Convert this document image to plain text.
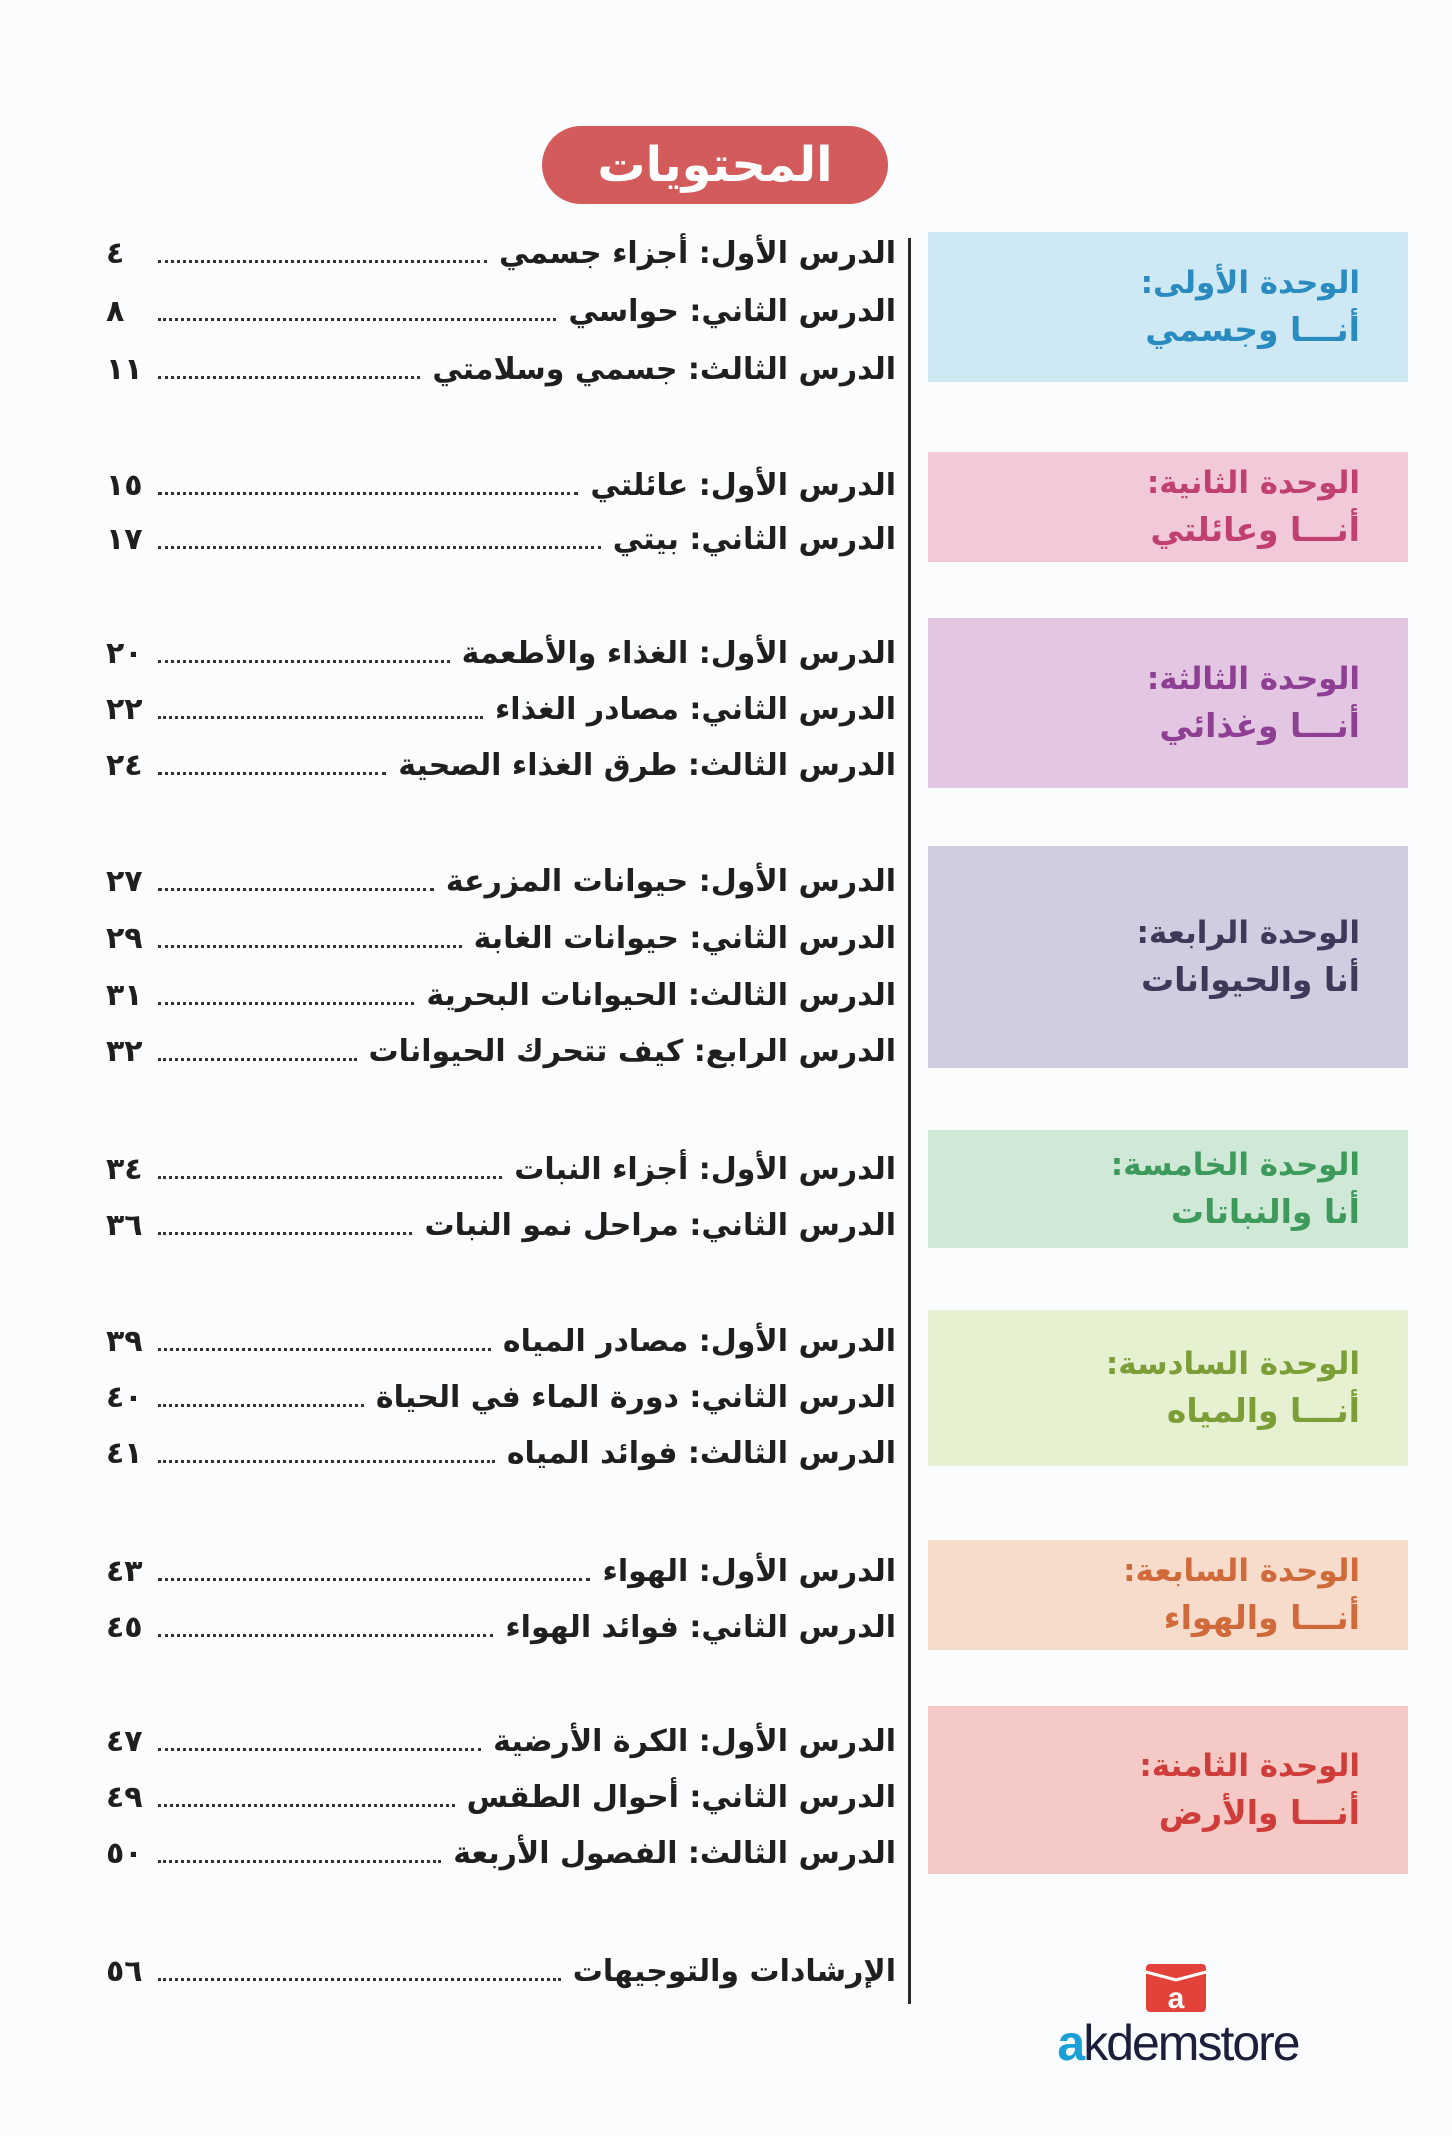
المحتويات
الوحدة الأولى:
أنـــا وجسمي
الدرس الأول: أجزاء جسمي
٤
الدرس الثاني: حواسي
٨
الدرس الثالث: جسمي وسلامتي
١١
الوحدة الثانية:
أنـــا وعائلتي
الدرس الأول: عائلتي
١٥
الدرس الثاني: بيتي
١٧
الوحدة الثالثة:
أنـــا وغذائي
الدرس الأول: الغذاء والأطعمة
٢٠
الدرس الثاني: مصادر الغذاء
٢٢
الدرس الثالث: طرق الغذاء الصحية
٢٤
الوحدة الرابعة:
أنا والحيوانات
الدرس الأول: حيوانات المزرعة
٢٧
الدرس الثاني: حيوانات الغابة
٢٩
الدرس الثالث: الحيوانات البحرية
٣١
الدرس الرابع: كيف تتحرك الحيوانات
٣٢
الوحدة الخامسة:
أنا والنباتات
الدرس الأول: أجزاء النبات
٣٤
الدرس الثاني: مراحل نمو النبات
٣٦
الوحدة السادسة:
أنـــا والمياه
الدرس الأول: مصادر المياه
٣٩
الدرس الثاني: دورة الماء في الحياة
٤٠
الدرس الثالث: فوائد المياه
٤١
الوحدة السابعة:
أنـــا والهواء
الدرس الأول: الهواء
٤٣
الدرس الثاني: فوائد الهواء
٤٥
الوحدة الثامنة:
أنـــا والأرض
الدرس الأول: الكرة الأرضية
٤٧
الدرس الثاني: أحوال الطقس
٤٩
الدرس الثالث: الفصول الأربعة
٥٠
الإرشادات والتوجيهات
٥٦
a
akdemstore
